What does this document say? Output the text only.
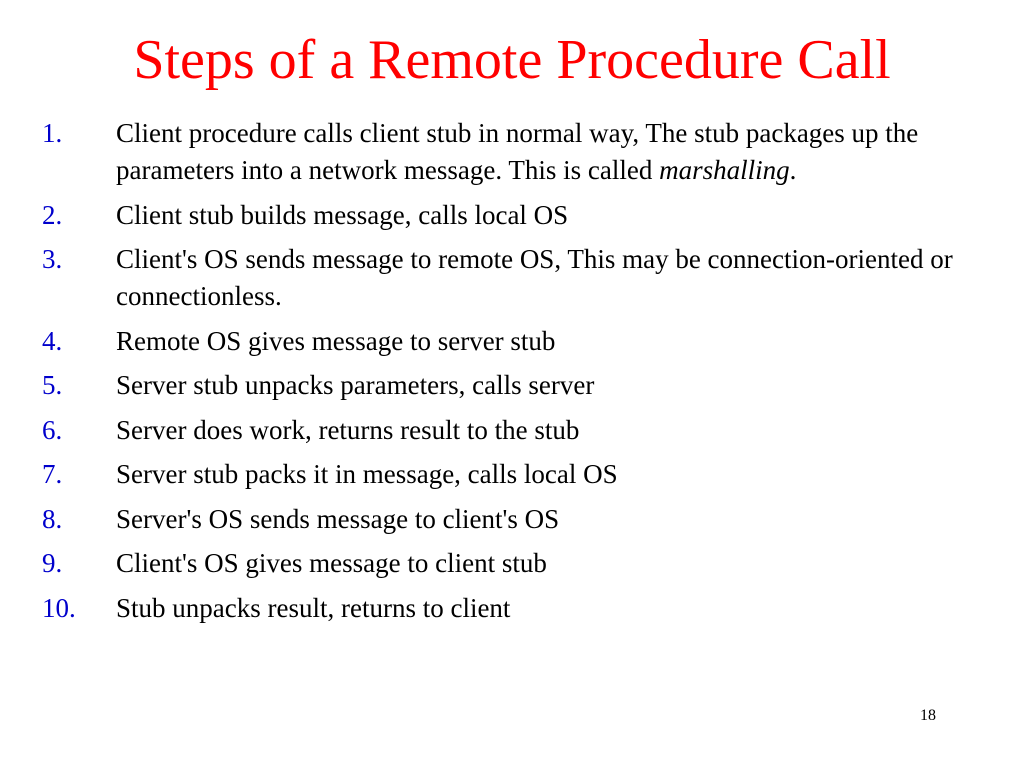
Steps of a Remote Procedure Call
1.	Client procedure calls client stub in normal way, The stub packages up the parameters into a network message. This is called marshalling.
2.	Client stub builds message, calls local OS
3.	Client's OS sends message to remote OS, This may be connection-oriented or connectionless.
4.	Remote OS gives message to server stub
5.	Server stub unpacks parameters, calls server
6.	Server does work, returns result to the stub
7.	Server stub packs it in message, calls local OS
8.	Server's OS sends message to client's OS
9.	Client's OS gives message to client stub
10.	Stub unpacks result, returns to client
18
